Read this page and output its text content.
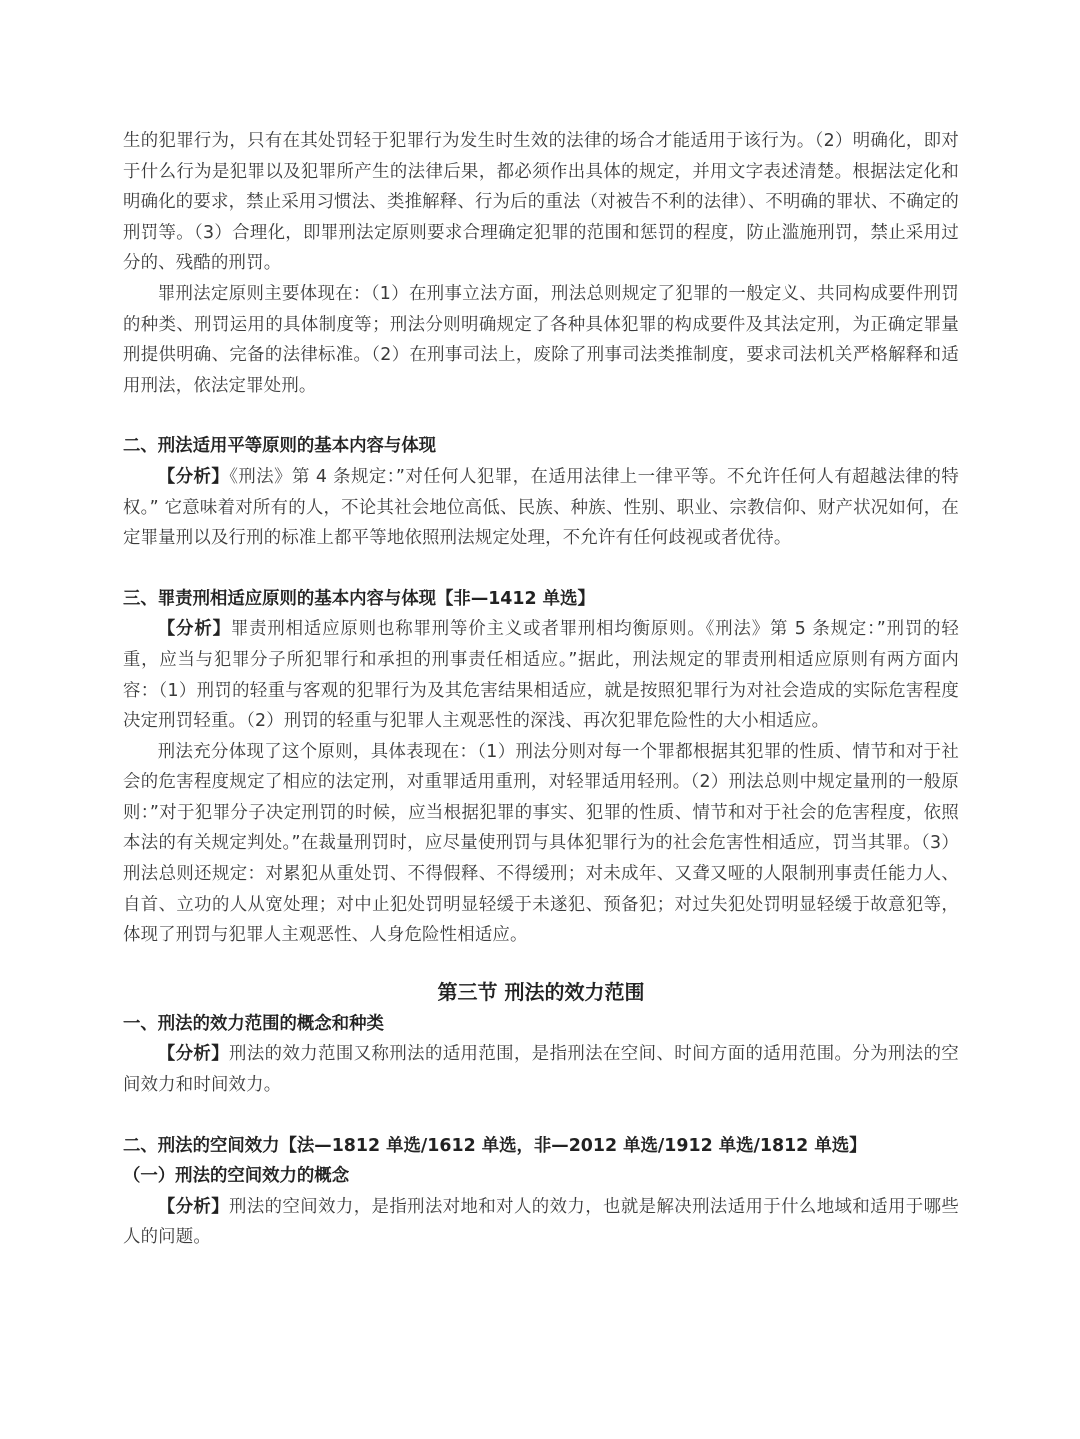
生的犯罪行为，只有在其处罚轻于犯罪行为发生时生效的法律的场合才能适用于该行为。（2）明确化，即对于什么行为是犯罪以及犯罪所产生的法律后果，都必须作出具体的规定，并用文字表述清楚。根据法定化和明确化的要求，禁止采用习惯法、类推解释、行为后的重法（对被告不利的法律）、不明确的罪状、不确定的刑罚等。（3）合理化，即罪刑法定原则要求合理确定犯罪的范围和惩罚的程度，防止滥施刑罚，禁止采用过分的、残酷的刑罚。

罪刑法定原则主要体现在：（1）在刑事立法方面，刑法总则规定了犯罪的一般定义、共同构成要件刑罚的种类、刑罚运用的具体制度等；刑法分则明确规定了各种具体犯罪的构成要件及其法定刑，为正确定罪量刑提供明确、完备的法律标准。（2）在刑事司法上，废除了刑事司法类推制度，要求司法机关严格解释和适用刑法，依法定罪处刑。

二、刑法适用平等原则的基本内容与体现

【分析】《刑法》第 4 条规定：”对任何人犯罪，在适用法律上一律平等。不允许任何人有超越法律的特权。” 它意味着对所有的人，不论其社会地位高低、民族、种族、性别、职业、宗教信仰、财产状况如何，在定罪量刑以及行刑的标准上都平等地依照刑法规定处理，不允许有任何歧视或者优待。

三、罪责刑相适应原则的基本内容与体现【非—1412 单选】

【分析】罪责刑相适应原则也称罪刑等价主义或者罪刑相均衡原则。《刑法》第 5 条规定：”刑罚的轻重，应当与犯罪分子所犯罪行和承担的刑事责任相适应。”据此，刑法规定的罪责刑相适应原则有两方面内容：（1）刑罚的轻重与客观的犯罪行为及其危害结果相适应，就是按照犯罪行为对社会造成的实际危害程度决定刑罚轻重。（2）刑罚的轻重与犯罪人主观恶性的深浅、再次犯罪危险性的大小相适应。

刑法充分体现了这个原则，具体表现在：（1）刑法分则对每一个罪都根据其犯罪的性质、情节和对于社会的危害程度规定了相应的法定刑，对重罪适用重刑，对轻罪适用轻刑。（2）刑法总则中规定量刑的一般原则：”对于犯罪分子决定刑罚的时候，应当根据犯罪的事实、犯罪的性质、情节和对于社会的危害程度，依照本法的有关规定判处。”在裁量刑罚时，应尽量使刑罚与具体犯罪行为的社会危害性相适应，罚当其罪。（3）刑法总则还规定：对累犯从重处罚、不得假释、不得缓刑；对未成年、又聋又哑的人限制刑事责任能力人、自首、立功的人从宽处理；对中止犯处罚明显轻缓于未遂犯、预备犯；对过失犯处罚明显轻缓于故意犯等，体现了刑罚与犯罪人主观恶性、人身危险性相适应。

第三节 刑法的效力范围

一、刑法的效力范围的概念和种类

【分析】刑法的效力范围又称刑法的适用范围，是指刑法在空间、时间方面的适用范围。分为刑法的空间效力和时间效力。

二、刑法的空间效力【法—1812 单选/1612 单选，非—2012 单选/1912 单选/1812 单选】

（一）刑法的空间效力的概念

【分析】刑法的空间效力，是指刑法对地和对人的效力，也就是解决刑法适用于什么地域和适用于哪些人的问题。
